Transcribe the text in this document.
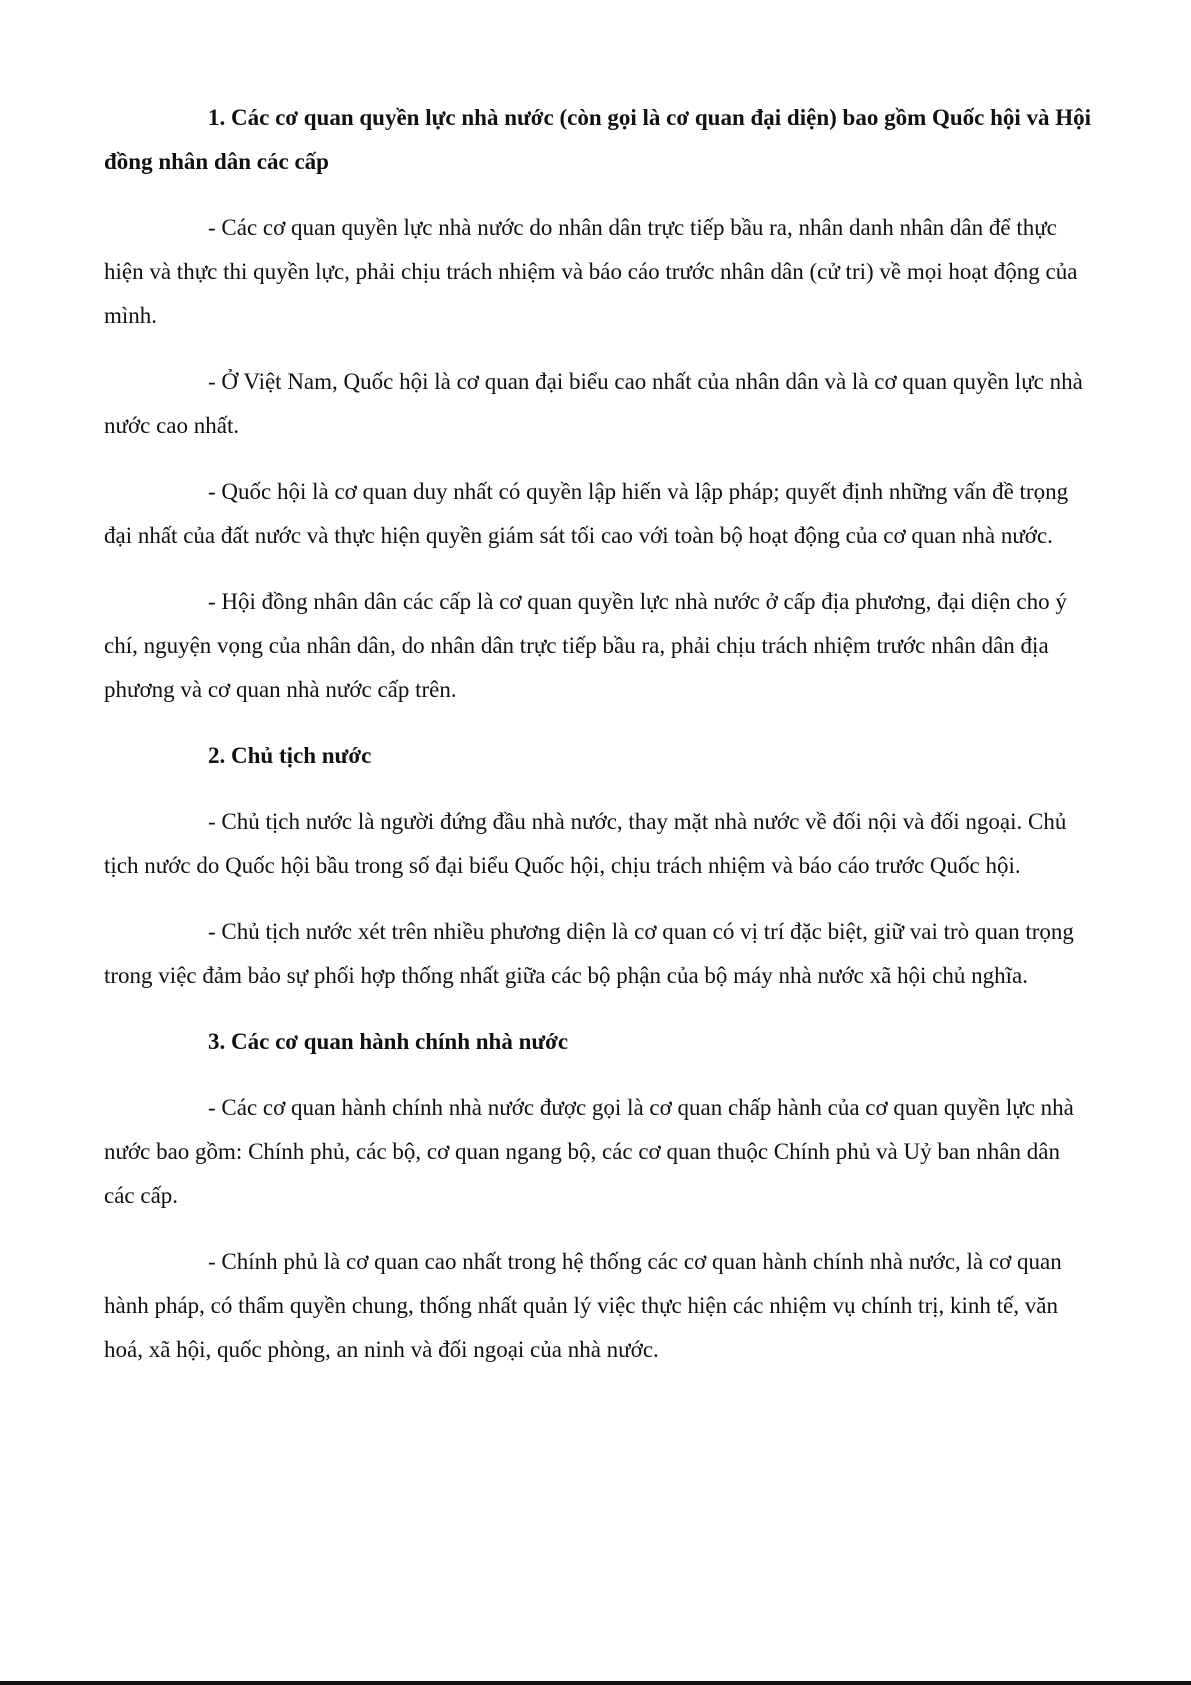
1. Các cơ quan quyền lực nhà nước (còn gọi là cơ quan đại diện) bao gồm Quốc hội và Hội đồng nhân dân các cấp

- Các cơ quan quyền lực nhà nước do nhân dân trực tiếp bầu ra, nhân danh nhân dân để thực hiện và thực thi quyền lực, phải chịu trách nhiệm và báo cáo trước nhân dân (cử tri) về mọi hoạt động của mình.

- Ở Việt Nam, Quốc hội là cơ quan đại biểu cao nhất của nhân dân và là cơ quan quyền lực nhà nước cao nhất.

- Quốc hội là cơ quan duy nhất có quyền lập hiến và lập pháp; quyết định những vấn đề trọng đại nhất của đất nước và thực hiện quyền giám sát tối cao với toàn bộ hoạt động của cơ quan nhà nước.

- Hội đồng nhân dân các cấp là cơ quan quyền lực nhà nước ở cấp địa phương, đại diện cho ý chí, nguyện vọng của nhân dân, do nhân dân trực tiếp bầu ra, phải chịu trách nhiệm trước nhân dân địa phương và cơ quan nhà nước cấp trên.

2. Chủ tịch nước

- Chủ tịch nước là người đứng đầu nhà nước, thay mặt nhà nước về đối nội và đối ngoại. Chủ tịch nước do Quốc hội bầu trong số đại biểu Quốc hội, chịu trách nhiệm và báo cáo trước Quốc hội.

- Chủ tịch nước xét trên nhiều phương diện là cơ quan có vị trí đặc biệt, giữ vai trò quan trọng trong việc đảm bảo sự phối hợp thống nhất giữa các bộ phận của bộ máy nhà nước xã hội chủ nghĩa.

3. Các cơ quan hành chính nhà nước

- Các cơ quan hành chính nhà nước được gọi là cơ quan chấp hành của cơ quan quyền lực nhà nước bao gồm: Chính phủ, các bộ, cơ quan ngang bộ, các cơ quan thuộc Chính phủ và Uỷ ban nhân dân các cấp.

- Chính phủ là cơ quan cao nhất trong hệ thống các cơ quan hành chính nhà nước, là cơ quan hành pháp, có thẩm quyền chung, thống nhất quản lý việc thực hiện các nhiệm vụ chính trị, kinh tế, văn hoá, xã hội, quốc phòng, an ninh và đối ngoại của nhà nước.
